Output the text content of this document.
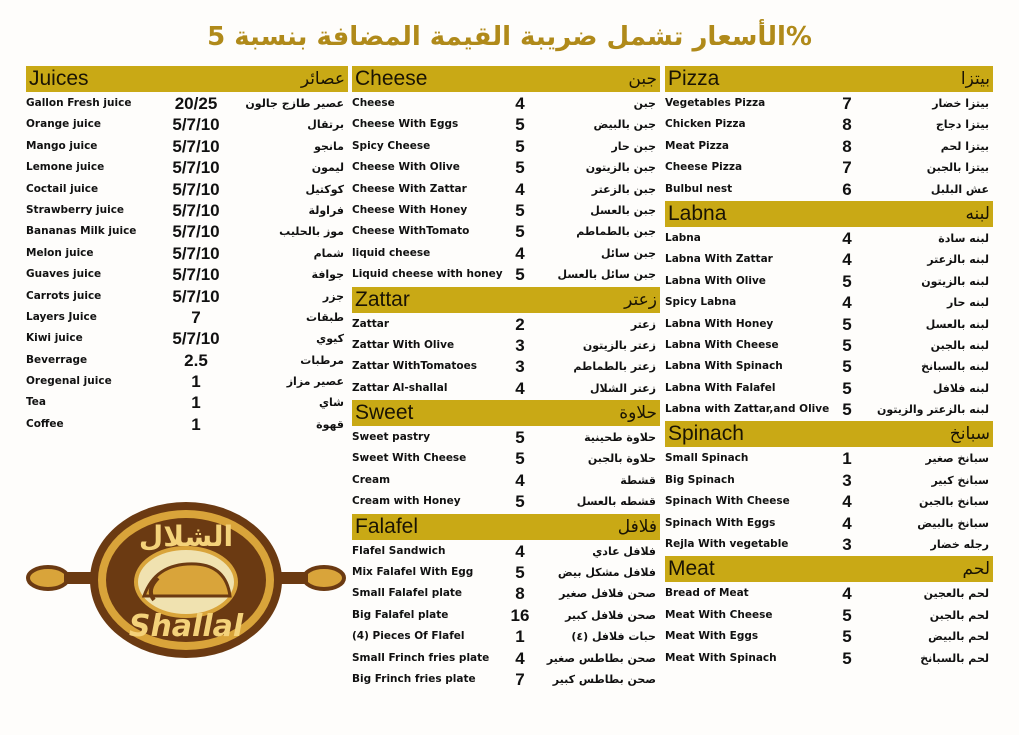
الأسعار تشمل ضريبة القيمة المضافة بنسبة 5%
Juices	عصائر
Gallon Fresh juice	20/25	عصير طازج جالون
Orange juice	5/7/10	برتقال
Mango juice	5/7/10	مانجو
Lemone juice	5/7/10	ليمون
Coctail juice	5/7/10	كوكتيل
Strawberry juice	5/7/10	فراولة
Bananas Milk juice 5/7/10	موز بالحليب
Melon juice	5/7/10	شمام
Guaves juice	5/7/10	جوافة
Carrots juice	5/7/10	جزر
Layers Juice	7	طبقات
Kiwi juice	5/7/10	كيوي
Beverrage	2.5	مرطبات
Oregenal juice	1	عصير مزاز
Tea	1	شاي
Coffee	1	قهوة
Cheese	جبن
Cheese	4	جبن
Cheese With Eggs	5	جبن بالبيض
Spicy Cheese	5	جبن حار
Cheese With Olive	5	جبن بالزيتون
Cheese With Zattar	4	جبن بالزعتر
Cheese With Honey	5	جبن بالعسل
Cheese WithTomato	5	جبن بالطماطم
liquid cheese	4	جبن سائل
Liquid cheese with honey 5	جبن سائل بالعسل
Zattar	زعتر
Zattar	2	زعتر
Zattar With Olive	3	زعتر بالزيتون
Zattar WithTomatoes 3	زعتر بالطماطم
Zattar Al-shallal	4	زعتر الشلال
Sweet	حلاوة
Sweet pastry	5	حلاوة طحينية
Sweet With Cheese	5	حلاوة بالجبن
Cream	4	قشطة
Cream with Honey	5	قشطه بالعسل
Falafel	فلافل
Flafel Sandwich	4	فلافل عادي
Mix Falafel With Egg 5	فلافل مشكل بيض
Small Falafel plate	8	صحن فلافل صغير
Big Falafel plate	16	صحن فلافل كبير
(4) Pieces Of Flafel	1	حبات فلافل (٤)
Small Frinch fries plate 4 صحن بطاطس صغير
Big Frinch fries plate 7	صحن بطاطس كبير
Pizza	بيتزا
Vegetables Pizza	7	بيتزا خضار
Chicken Pizza	8	بيتزا دجاج
Meat Pizza	8	بيتزا لحم
Cheese Pizza	7	بيتزا بالجبن
Bulbul nest	6	عش البلبل
Labna	لبنه
Labna	4	لبنه سادة
Labna With Zattar	4	لبنه بالزعتر
Labna With Olive	5	لبنه بالزيتون
Spicy Labna	4	لبنه حار
Labna With Honey	5	لبنه بالعسل
Labna With Cheese	5	لبنه بالجبن
Labna With Spinach	5	لبنه بالسبانخ
Labna With Falafel	5	لبنه فلافل
Labna with Zattar,and Olive 5 لبنه بالزعتر والزيتون
Spinach	سبانخ
Small Spinach	1	سبانخ صغير
Big Spinach	3	سبانخ كبير
Spinach With Cheese	4	سبانخ بالجبن
Spinach With Eggs	4	سبانخ بالبيض
Rejla With vegetable	3	رجله خضار
Meat	لحم
Bread of Meat	4	لحم بالعجين
Meat With Cheese	5	لحم بالجبن
Meat With Eggs	5	لحم بالبيض
Meat With Spinach	5	لحم بالسبانخ
الشلال
Shallal
